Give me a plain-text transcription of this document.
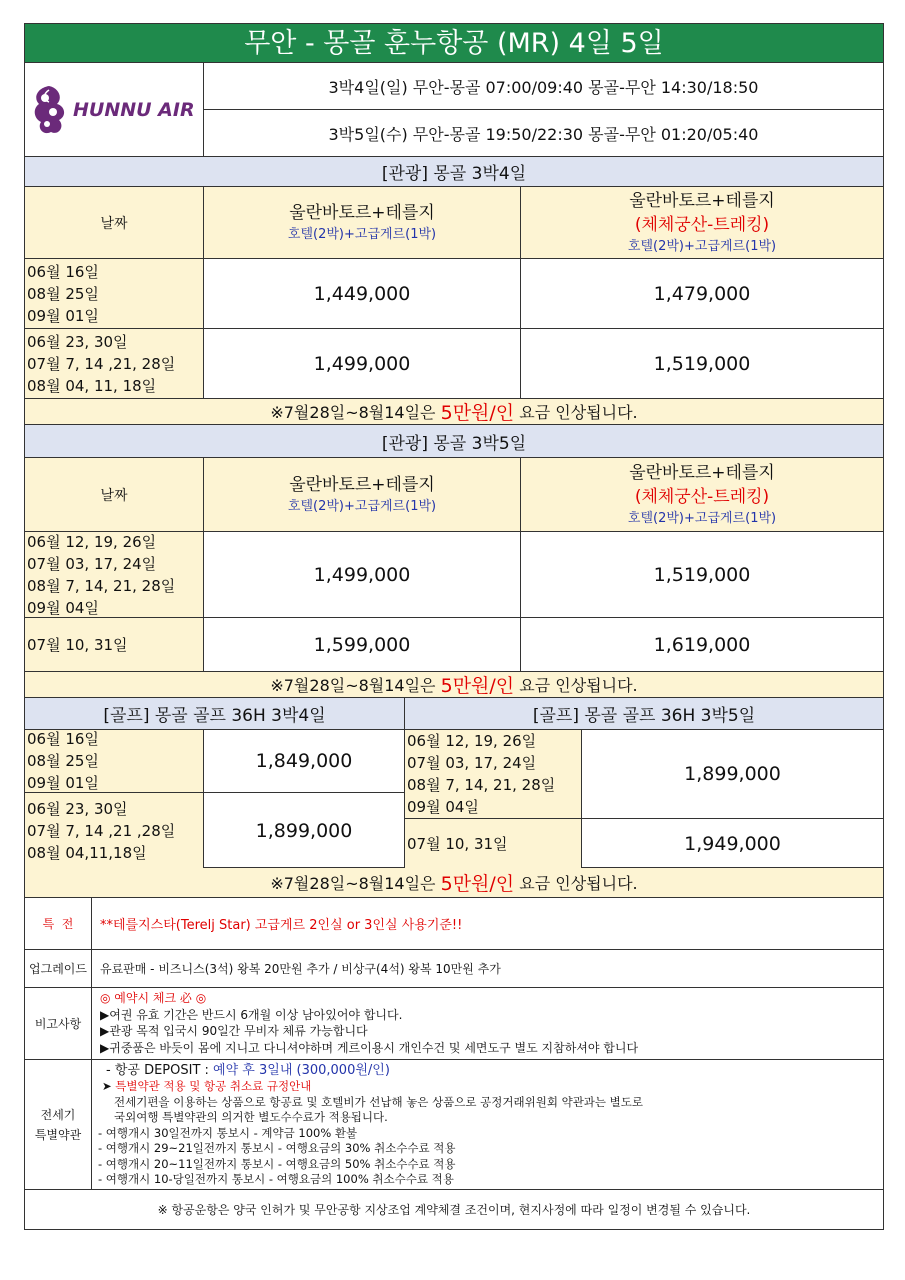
무안 - 몽골 훈누항공 (MR) 4일 5일
HUNNU AIR
3박4일(일) 무안-몽골 07:00/09:40 몽골-무안 14:30/18:50
3박5일(수) 무안-몽골 19:50/22:30 몽골-무안 01:20/05:40
[관광] 몽골 3박4일
날짜
울란바토르+테를지
호텔(2박)+고급게르(1박)
울란바토르+테를지
(체체궁산-트레킹)
호텔(2박)+고급게르(1박)
06월 16일
08월 25일
09월 01일
1,449,000	1,479,000
06월 23, 30일
07월 7, 14 ,21, 28일
08월 04, 11, 18일
1,499,000	1,519,000
※7월28일~8월14일은
5만원/인
요금 인상됩니다.
[관광] 몽골 3박5일
날짜
울란바토르+테를지
호텔(2박)+고급게르(1박)
울란바토르+테를지
(체체궁산-트레킹)
호텔(2박)+고급게르(1박)
06월 12, 19, 26일
07월 03, 17, 24일
08월 7, 14, 21, 28일
09월 04일
1,499,000	1,519,000
07월 10, 31일	1,599,000	1,619,000
※7월28일~8월14일은
5만원/인
요금 인상됩니다.
[골프] 몽골 골프 36H 3박4일	[골프] 몽골 골프 36H 3박5일
06월 16일
08월 25일
09월 01일
1,849,000
06월 23, 30일
07월 7, 14 ,21 ,28일
08월 04,11,18일
1,899,000
06월 12, 19, 26일
07월 03, 17, 24일
08월 7, 14, 21, 28일
09월 04일
1,899,000
07월 10, 31일	1,949,000
※7월28일~8월14일은
5만원/인
요금 인상됩니다.
특  전	**테를지스타(Terelj Star) 고급게르 2인실 or 3인실 사용기준!!
업그레이드	유료판매 - 비즈니스(3석) 왕복 20만원 추가 / 비상구(4석) 왕복 10만원 추가
비고사항
◎ 예약시 체크 必 ◎
▶여권 유효 기간은 반드시 6개월 이상 남아있어야 합니다.
▶관광 목적 입국시 90일간 무비자 체류 가능합니다
▶귀중품은 바듯이 몸에 지니고 다니셔야하며 게르이용시 개인수건 및 세면도구 별도 지참하셔야 합니다
전세기
특별약관
- 항공 DEPOSIT : 예약 후 3일내 (300,000원/인)
➤ 특별약관 적용 및 항공 취소료 규정안내
전세기편을 이용하는 상품으로 항공료 및 호텔비가 선납해 놓은 상품으로 공정거래위원회 약관과는 별도로
국외여행 특별약관의 의거한 별도수수료가 적용됩니다.
- 여행개시 30일전까지 통보시 - 계약금 100% 환불
- 여행개시 29~21일전까지 통보시 - 여행요금의 30% 취소수수료 적용
- 여행개시 20~11일전까지 통보시 - 여행요금의 50% 취소수수료 적용
- 여행개시 10-당일전까지 통보시 - 여행요금의 100% 취소수수료 적용
※ 항공운항은 양국 인허가 및 무안공항 지상조업 계약체결 조건이며, 현지사정에 따라 일정이 변경될 수 있습니다.
